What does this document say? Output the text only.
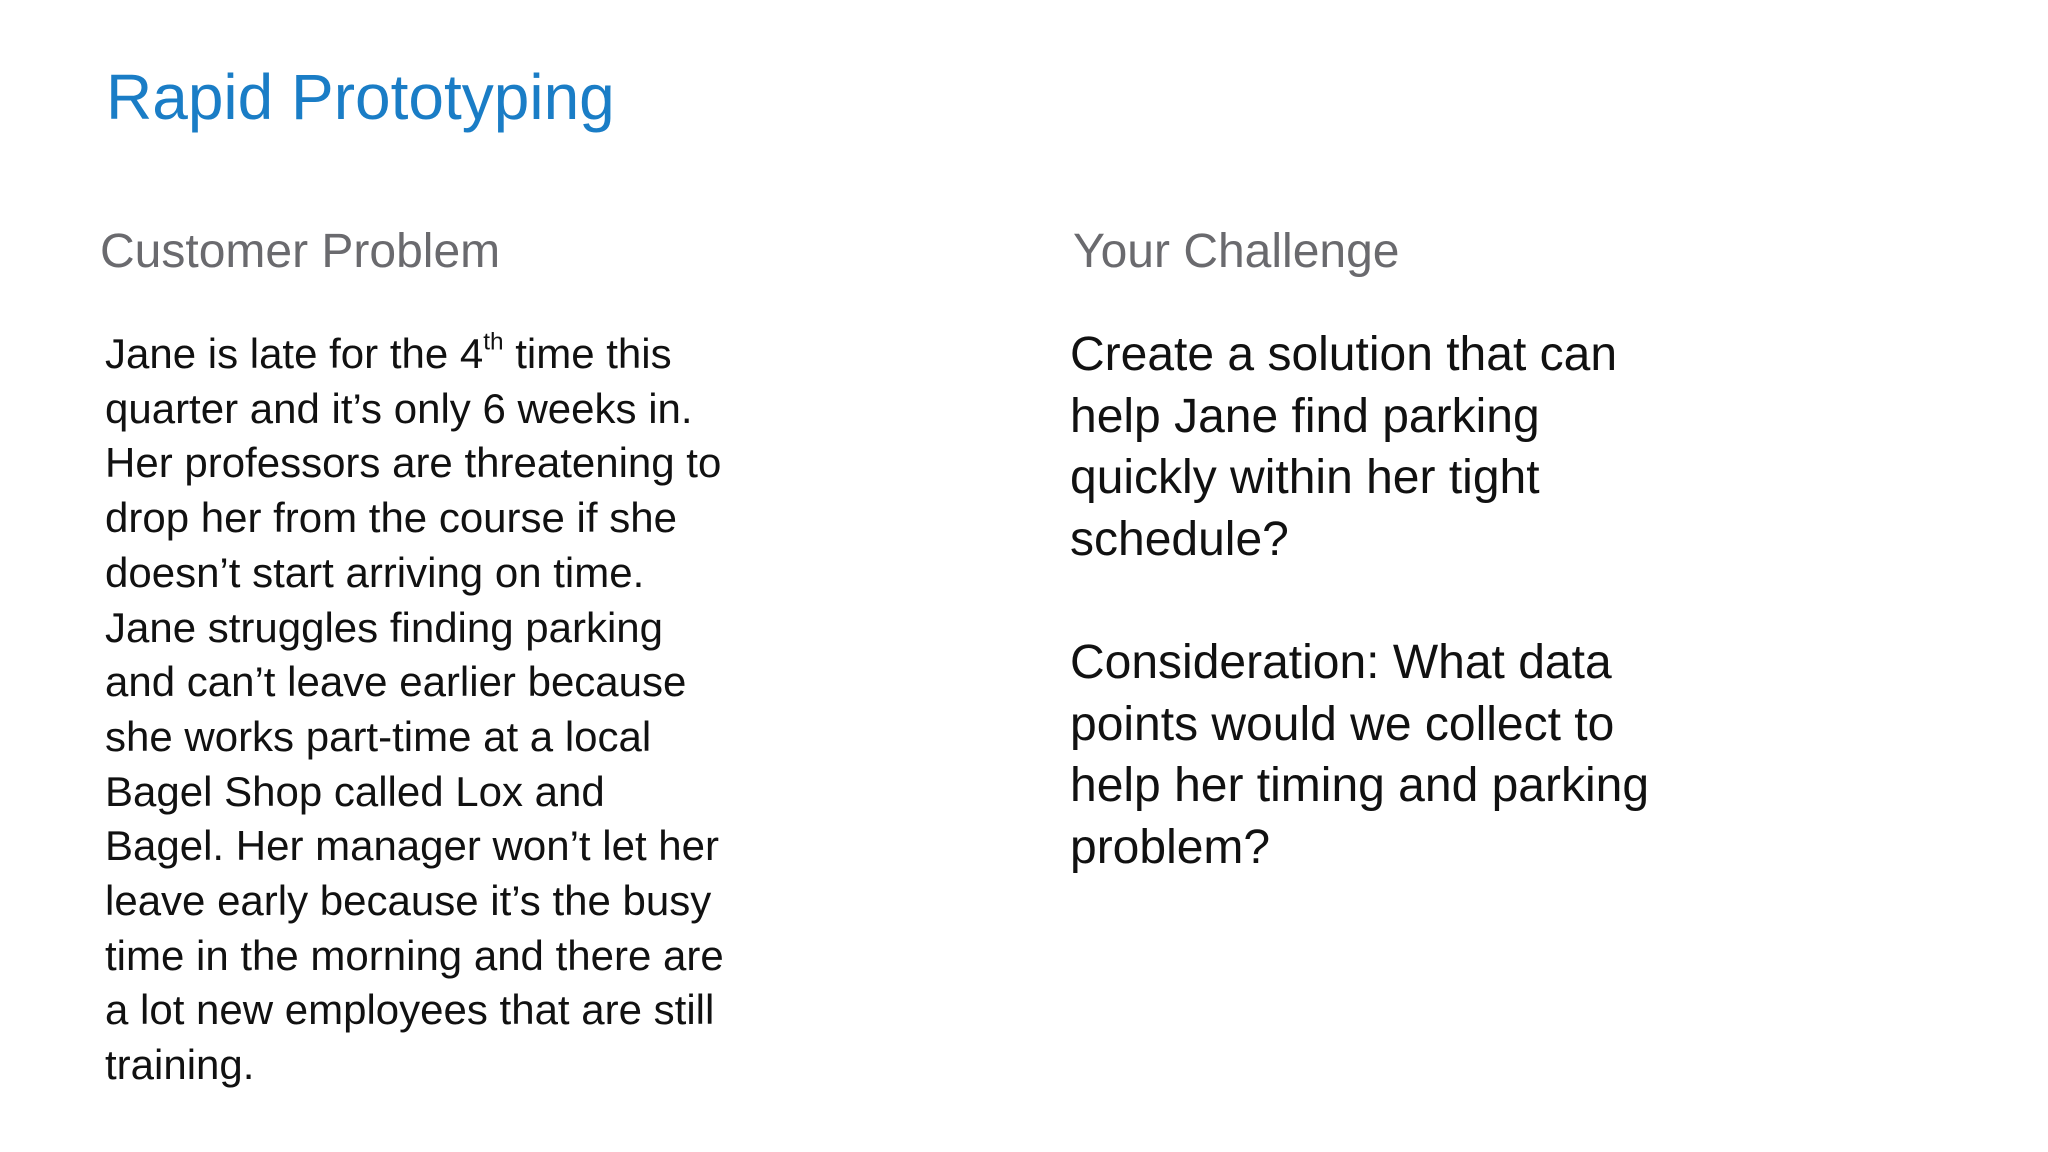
Rapid Prototyping
Customer Problem	Your Challenge
Jane is late for the 4th time this
quarter and it’s only 6 weeks in.
Her professors are threatening to
drop her from the course if she
doesn’t start arriving on time.
Jane struggles finding parking
and can’t leave earlier because
she works part-time at a local
Bagel Shop called Lox and
Bagel. Her manager won’t let her
leave early because it’s the busy
time in the morning and there are
a lot new employees that are still
training.
Create a solution that can
help Jane find parking
quickly within her tight
schedule?
Consideration: What data
points would we collect to
help her timing and parking
problem?
